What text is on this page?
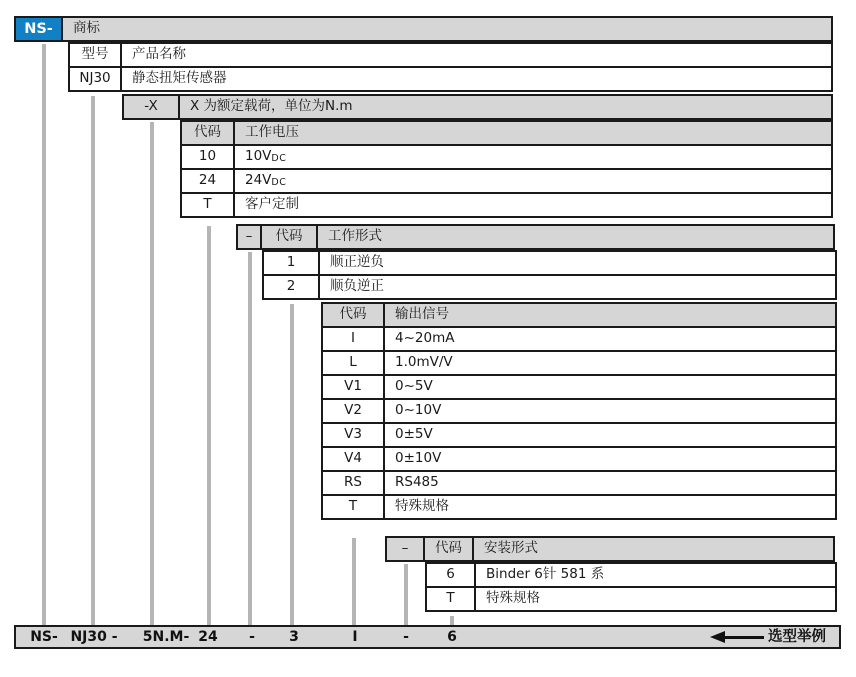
NS-	商标
型号	产品名称
NJ30	静态扭矩传感器
-X	X 为额定载荷，单位为N.m
代码	工作电压
10	10V DC
24	24V DC
T	客户定制
–	代码	工作形式
1	顺正逆负
2	顺负逆正
代码	输出信号
I	4~20mA
L	1.0mV/V
V1	0~5V
V2	0~10V
V3	0±5V
V4	0±10V
RS	RS485
T	特殊规格
–	代码	安装形式
6	Binder 6针 581 系
T	特殊规格
NS- NJ30 - 5N.M- 24 - 3	I	-	6	选型举例
